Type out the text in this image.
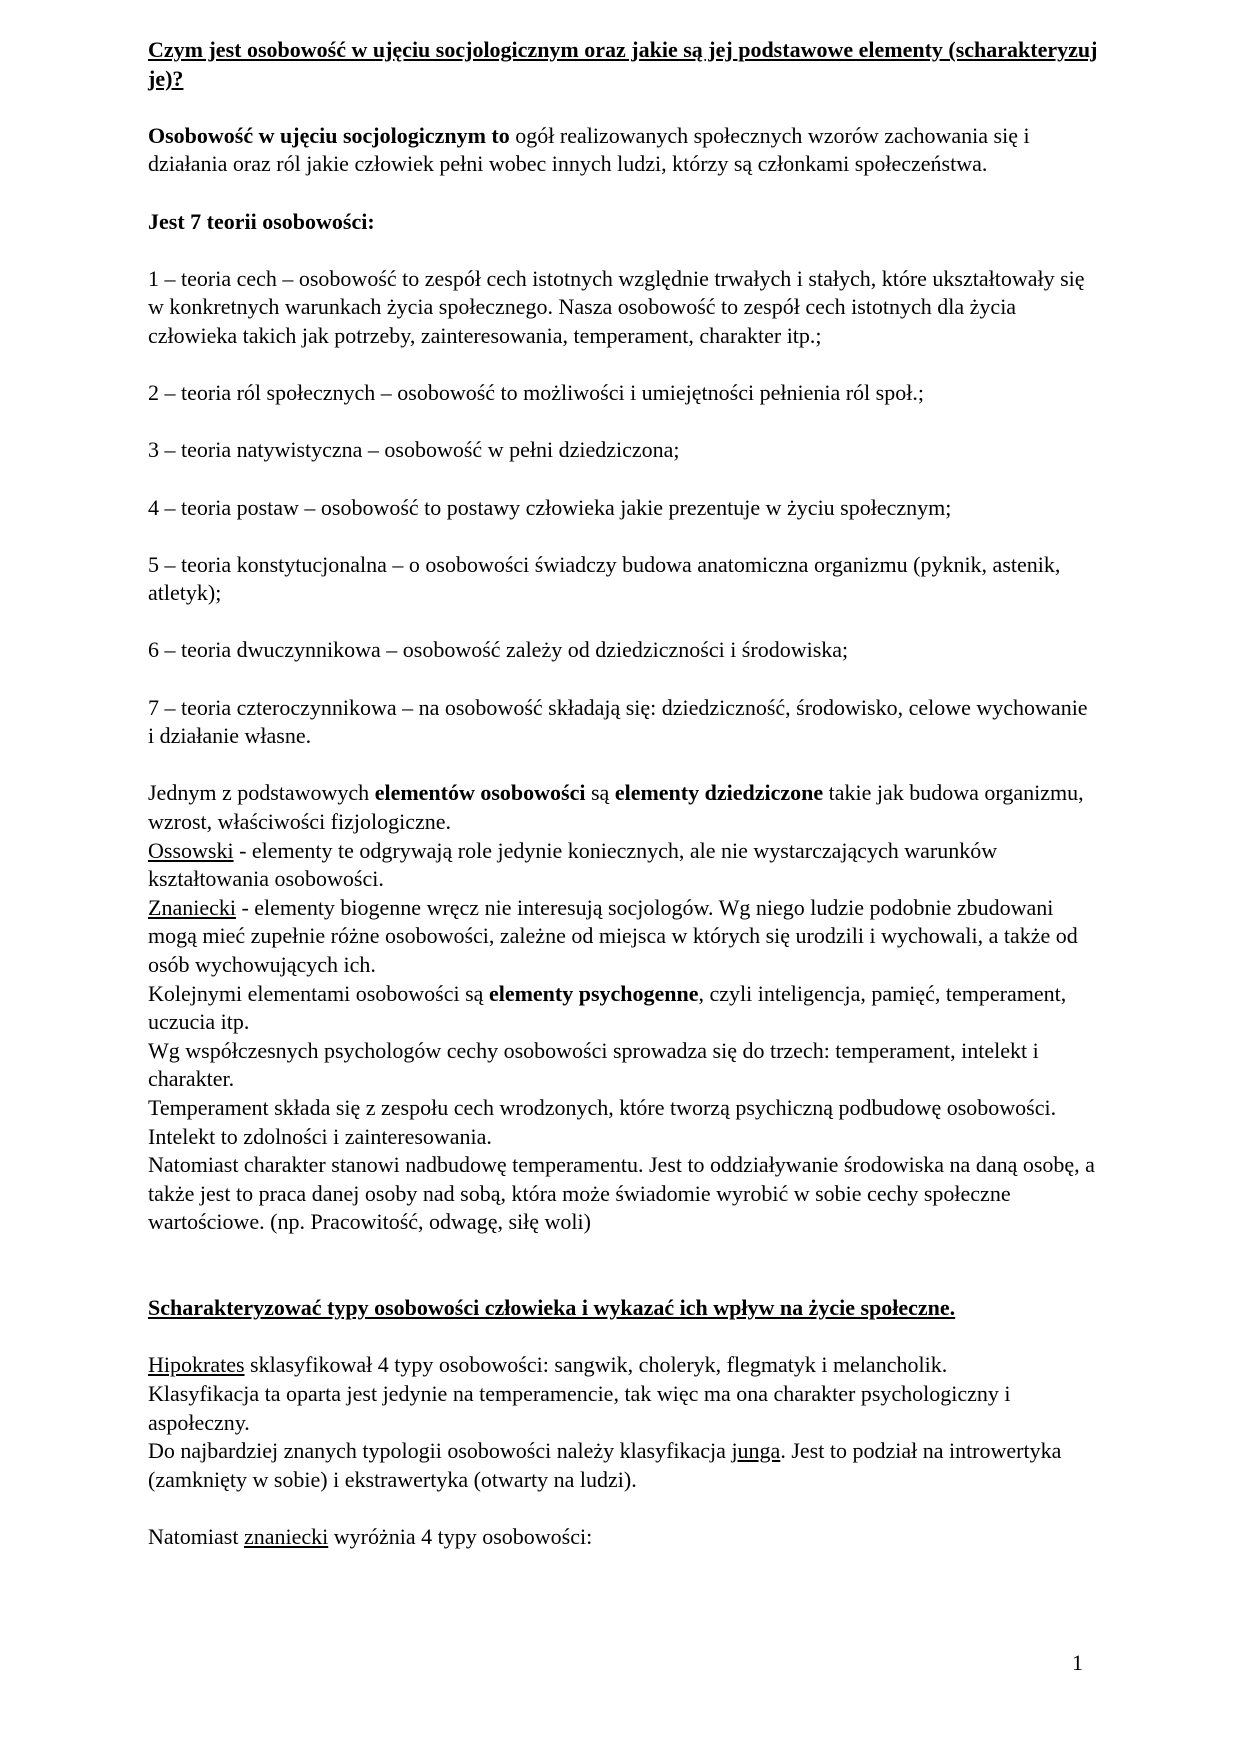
Czym jest osobowość w ujęciu socjologicznym oraz jakie są jej podstawowe elementy (scharakteryzuj je)?

Osobowość w ujęciu socjologicznym to ogół realizowanych społecznych wzorów zachowania się i działania oraz ról jakie człowiek pełni wobec innych ludzi, którzy są członkami społeczeństwa.

Jest 7 teorii osobowości:

1 – teoria cech – osobowość to zespół cech istotnych względnie trwałych i stałych, które ukształtowały się w konkretnych warunkach życia społecznego. Nasza osobowość to zespół cech istotnych dla życia człowieka takich jak potrzeby, zainteresowania, temperament, charakter itp.;

2 – teoria ról społecznych – osobowość to możliwości i umiejętności pełnienia ról społ.;

3 – teoria natywistyczna – osobowość w pełni dziedziczona;

4 – teoria postaw – osobowość to postawy człowieka jakie prezentuje w życiu społecznym;

5 – teoria konstytucjonalna – o osobowości świadczy budowa anatomiczna organizmu (pyknik, astenik, atletyk);

6 – teoria dwuczynnikowa – osobowość zależy od dziedziczności i środowiska;

7 – teoria czteroczynnikowa – na osobowość składają się: dziedziczność, środowisko, celowe wychowanie i działanie własne.

Jednym z podstawowych elementów osobowości są elementy dziedziczone takie jak budowa organizmu, wzrost, właściwości fizjologiczne.

Ossowski - elementy te odgrywają role jedynie koniecznych, ale nie wystarczających warunków kształtowania osobowości.

Znaniecki - elementy biogenne wręcz nie interesują socjologów. Wg niego ludzie podobnie zbudowani mogą mieć zupełnie różne osobowości, zależne od miejsca w których się urodzili i wychowali, a także od osób wychowujących ich.

Kolejnymi elementami osobowości są elementy psychogenne, czyli inteligencja, pamięć, temperament, uczucia itp.

Wg współczesnych psychologów cechy osobowości sprowadza się do trzech: temperament, intelekt i charakter.

Temperament składa się z zespołu cech wrodzonych, które tworzą psychiczną podbudowę osobowości.

Intelekt to zdolności i zainteresowania.

Natomiast charakter stanowi nadbudowę temperamentu. Jest to oddziaływanie środowiska na daną osobę, a także jest to praca danej osoby nad sobą, która może świadomie wyrobić w sobie cechy społeczne wartościowe. (np. Pracowitość, odwagę, siłę woli)

Scharakteryzować typy osobowości człowieka i wykazać ich wpływ na życie społeczne.

Hipokrates sklasyfikował 4 typy osobowości: sangwik, choleryk, flegmatyk i melancholik.

Klasyfikacja ta oparta jest jedynie na temperamencie, tak więc ma ona charakter psychologiczny i aspołeczny.

Do najbardziej znanych typologii osobowości należy klasyfikacja junga. Jest to podział na introwertyka (zamknięty w sobie) i ekstrawertyka (otwarty na ludzi).

Natomiast znaniecki wyróżnia 4 typy osobowości:

1
